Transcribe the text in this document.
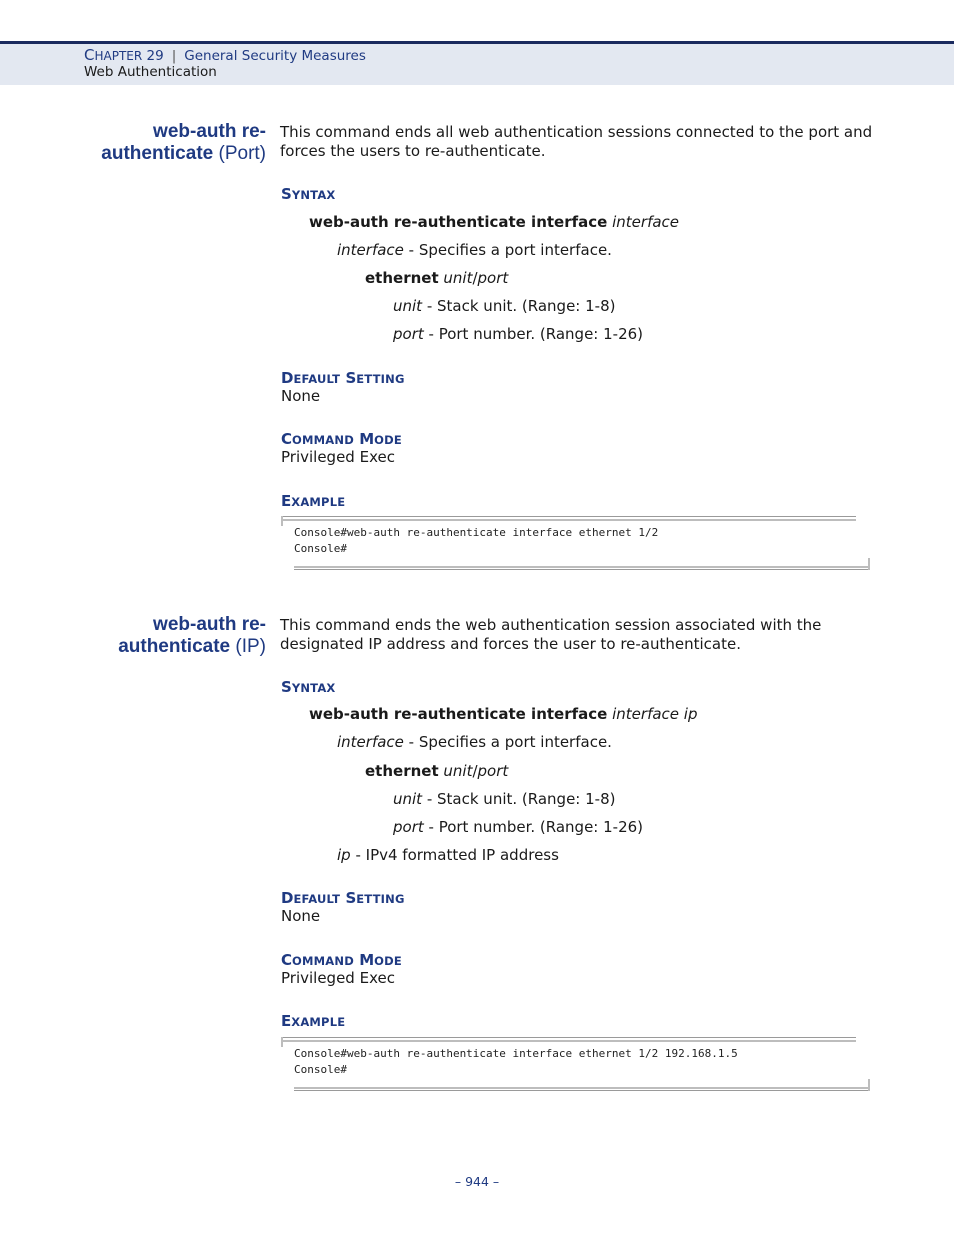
CHAPTER 29 | General Security Measures
Web Authentication
web-auth re-
authenticate (Port)
This command ends all web authentication sessions connected to the port and forces the users to re-authenticate.
SYNTAX
web-auth re-authenticate interface interface
interface - Specifies a port interface.
ethernet unit/port
unit - Stack unit. (Range: 1-8)
port - Port number. (Range: 1-26)
DEFAULT SETTING
None
COMMAND MODE
Privileged Exec
EXAMPLE
Console#web-auth re-authenticate interface ethernet 1/2
Console#
web-auth re-
authenticate (IP)
This command ends the web authentication session associated with the designated IP address and forces the user to re-authenticate.
SYNTAX
web-auth re-authenticate interface interface ip
interface - Specifies a port interface.
ethernet unit/port
unit - Stack unit. (Range: 1-8)
port - Port number. (Range: 1-26)
ip - IPv4 formatted IP address
DEFAULT SETTING
None
COMMAND MODE
Privileged Exec
EXAMPLE
Console#web-auth re-authenticate interface ethernet 1/2 192.168.1.5
Console#
– 944 –
